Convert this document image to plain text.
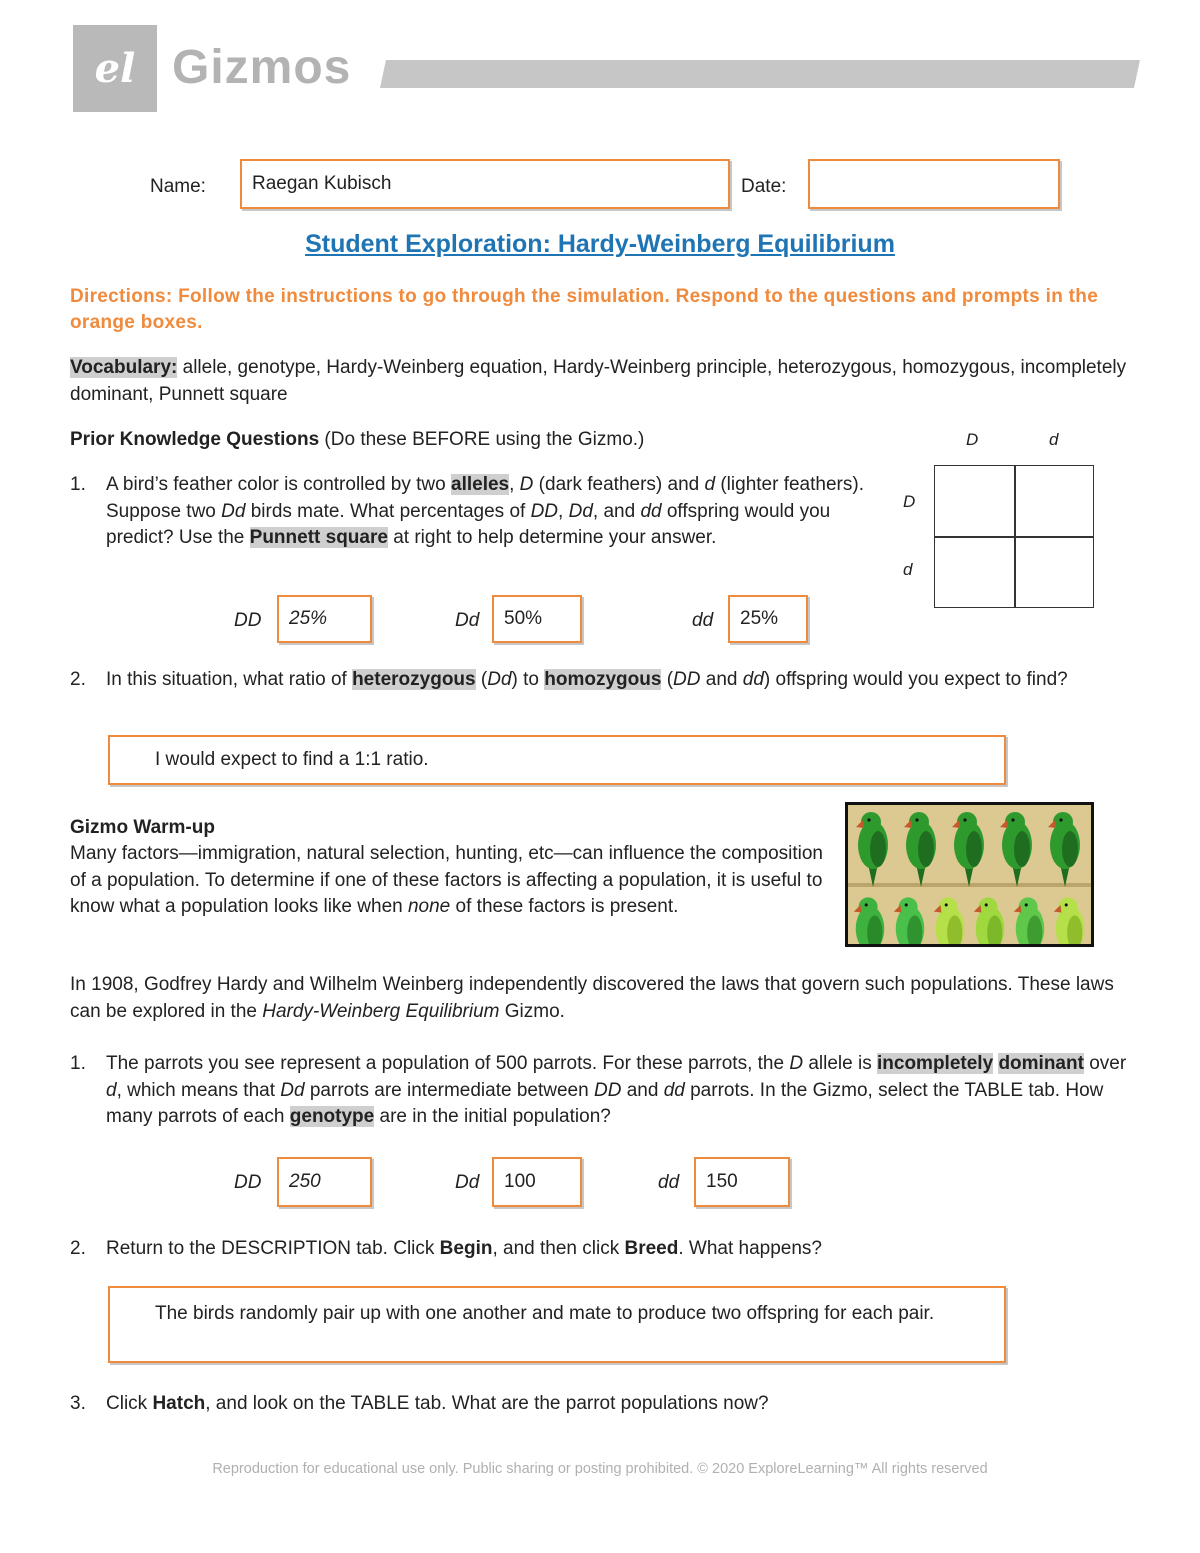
el Gizmos
Name:	Raegan Kubisch	Date:
Student Exploration: Hardy-Weinberg Equilibrium
Directions: Follow the instructions to go through the simulation. Respond to the questions and prompts in the orange boxes.
Vocabulary: allele, genotype, Hardy-Weinberg equation, Hardy-Weinberg principle, heterozygous, homozygous, incompletely dominant, Punnett square
Prior Knowledge Questions (Do these BEFORE using the Gizmo.)
1.	A bird’s feather color is controlled by two alleles, D (dark feathers) and d (lighter feathers). Suppose two Dd birds mate. What percentages of DD, Dd, and dd offspring would you predict? Use the Punnett square at right to help determine your answer.
D	d
D
d
DD	25%	Dd	50%	dd	25%
2.	In this situation, what ratio of heterozygous (Dd) to homozygous (DD and dd) offspring would you expect to find?
I would expect to find a 1:1 ratio.
Gizmo Warm-up
Many factors—immigration, natural selection, hunting, etc—can influence the composition of a population. To determine if one of these factors is affecting a population, it is useful to know what a population looks like when none of these factors is present.
In 1908, Godfrey Hardy and Wilhelm Weinberg independently discovered the laws that govern such populations. These laws can be explored in the Hardy-Weinberg Equilibrium Gizmo.
1.	The parrots you see represent a population of 500 parrots. For these parrots, the D allele is incompletely dominant over d, which means that Dd parrots are intermediate between DD and dd parrots. In the Gizmo, select the TABLE tab. How many parrots of each genotype are in the initial population?
DD	250	Dd	100	dd	150
2.	Return to the DESCRIPTION tab. Click Begin, and then click Breed. What happens?
The birds randomly pair up with one another and mate to produce two offspring for each pair.
3.	Click Hatch, and look on the TABLE tab. What are the parrot populations now?
Reproduction for educational use only. Public sharing or posting prohibited. © 2020 ExploreLearning™ All rights reserved
